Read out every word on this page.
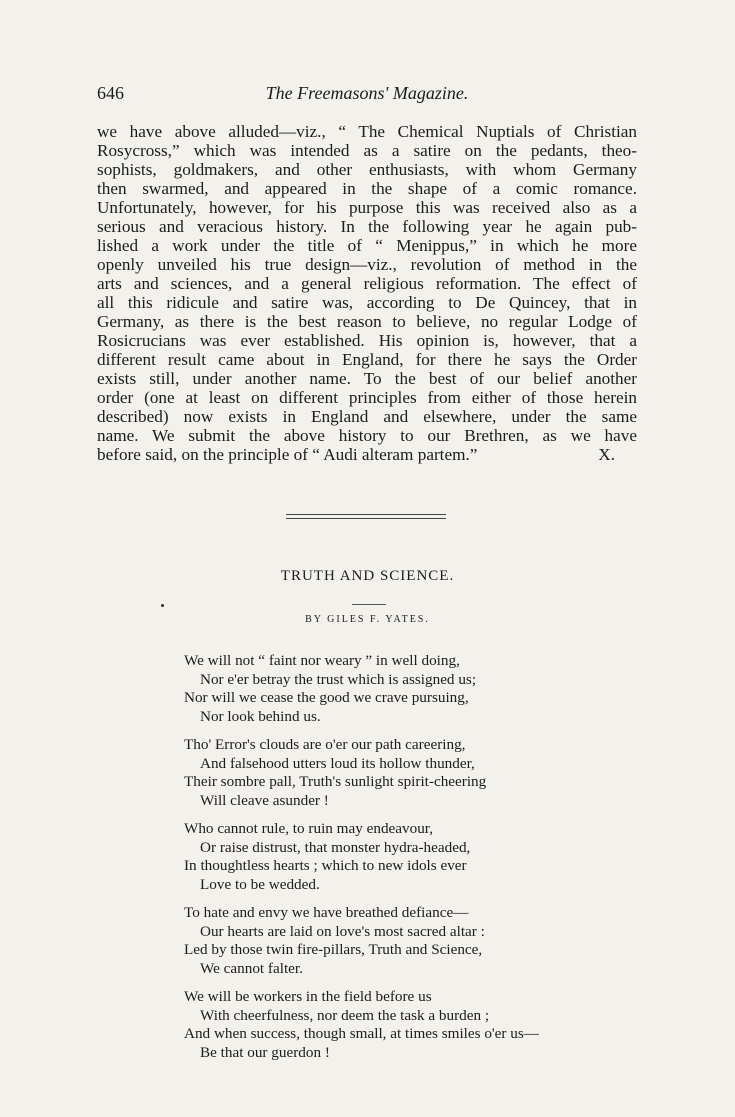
646	The Freemasons' Magazine.
we have above alluded—viz., “ The Chemical Nuptials of Christian
Rosycross,” which was intended as a satire on the pedants, theo-
sophists, goldmakers, and other enthusiasts, with whom Germany
then swarmed, and appeared in the shape of a comic romance.
Unfortunately, however, for his purpose this was received also as a
serious and veracious history. In the following year he again pub-
lished a work under the title of “ Menippus,” in which he more
openly unveiled his true design—viz., revolution of method in the
arts and sciences, and a general religious reformation. The effect of
all this ridicule and satire was, according to De Quincey, that in
Germany, as there is the best reason to believe, no regular Lodge of
Rosicrucians was ever established. His opinion is, however, that a
different result came about in England, for there he says the Order
exists still, under another name. To the best of our belief another
order (one at least on different principles from either of those herein
described) now exists in England and elsewhere, under the same
name. We submit the above history to our Brethren, as we have
before said, on the principle of “ Audi alteram partem.”	X.
TRUTH AND SCIENCE.
BY GILES F. YATES.
We will not “ faint nor weary ” in well doing,
Nor e'er betray the trust which is assigned us;
Nor will we cease the good we crave pursuing,
Nor look behind us.
Tho' Error's clouds are o'er our path careering,
And falsehood utters loud its hollow thunder,
Their sombre pall, Truth's sunlight spirit-cheering
Will cleave asunder !
Who cannot rule, to ruin may endeavour,
Or raise distrust, that monster hydra-headed,
In thoughtless hearts ; which to new idols ever
Love to be wedded.
To hate and envy we have breathed defiance—
Our hearts are laid on love's most sacred altar :
Led by those twin fire-pillars, Truth and Science,
We cannot falter.
We will be workers in the field before us
With cheerfulness, nor deem the task a burden ;
And when success, though small, at times smiles o'er us—
Be that our guerdon !
